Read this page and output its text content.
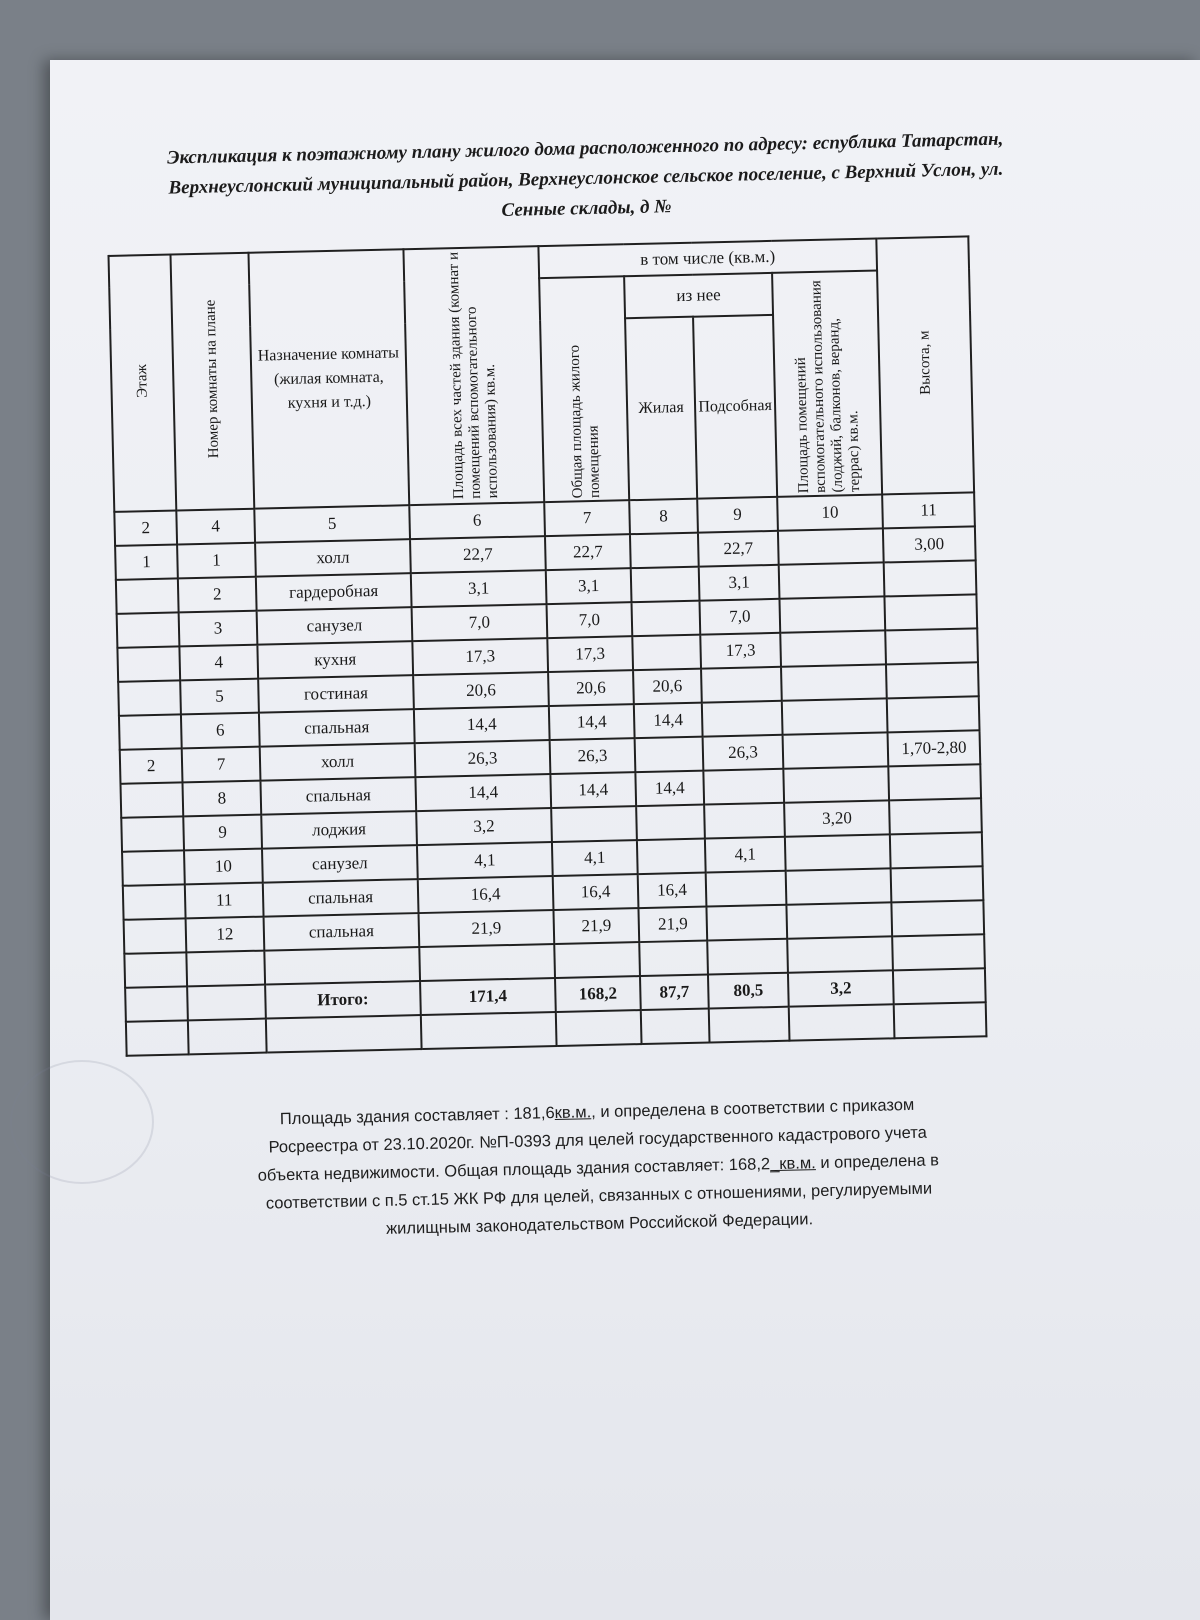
Экспликация к поэтажному плану жилого дома расположенного по адресу: еспублика Татарстан, Верхнеуслонский муниципальный район, Верхнеуслонское сельское поселение, с Верхний Услон, ул. Сенные склады, д №
Этаж	Номер комнаты на плане	Назначение комнаты (жилая комната, кухня и т.д.)	Площадь всех частей здания (комнат и помещений вспомогательного использования) кв.м.	в том числе (кв.м.)				Высота, м
				Общая площадь жилого помещения	из нее		Площадь помещений вспомогательного использования (лоджий, балконов, веранд, террас) кв.м.	
					Жилая	Подсобная		
2	4	5	6	7	8	9	10	11
1	1	холл	22,7	22,7		22,7		3,00
	2	гардеробная	3,1	3,1		3,1		
	3	санузел	7,0	7,0		7,0		
	4	кухня	17,3	17,3		17,3		
	5	гостиная	20,6	20,6	20,6			
	6	спальная	14,4	14,4	14,4			
2	7	холл	26,3	26,3		26,3		1,70-2,80
	8	спальная	14,4	14,4	14,4			
	9	лоджия	3,2				3,20	
	10	санузел	4,1	4,1		4,1		
	11	спальная	16,4	16,4	16,4			
	12	спальная	21,9	21,9	21,9			

		Итого:	171,4	168,2	87,7	80,5	3,2	

Площадь здания составляет : 181,6кв.м., и определена в соответствии с приказом
Росреестра от 23.10.2020г. №П-0393 для целей государственного кадастрового учета
объекта недвижимости. Общая площадь здания составляет: 168,2_кв.м. и определена в
соответствии с п.5 ст.15 ЖК РФ для целей, связанных с отношениями, регулируемыми
жилищным законодательством Российской Федерации.
